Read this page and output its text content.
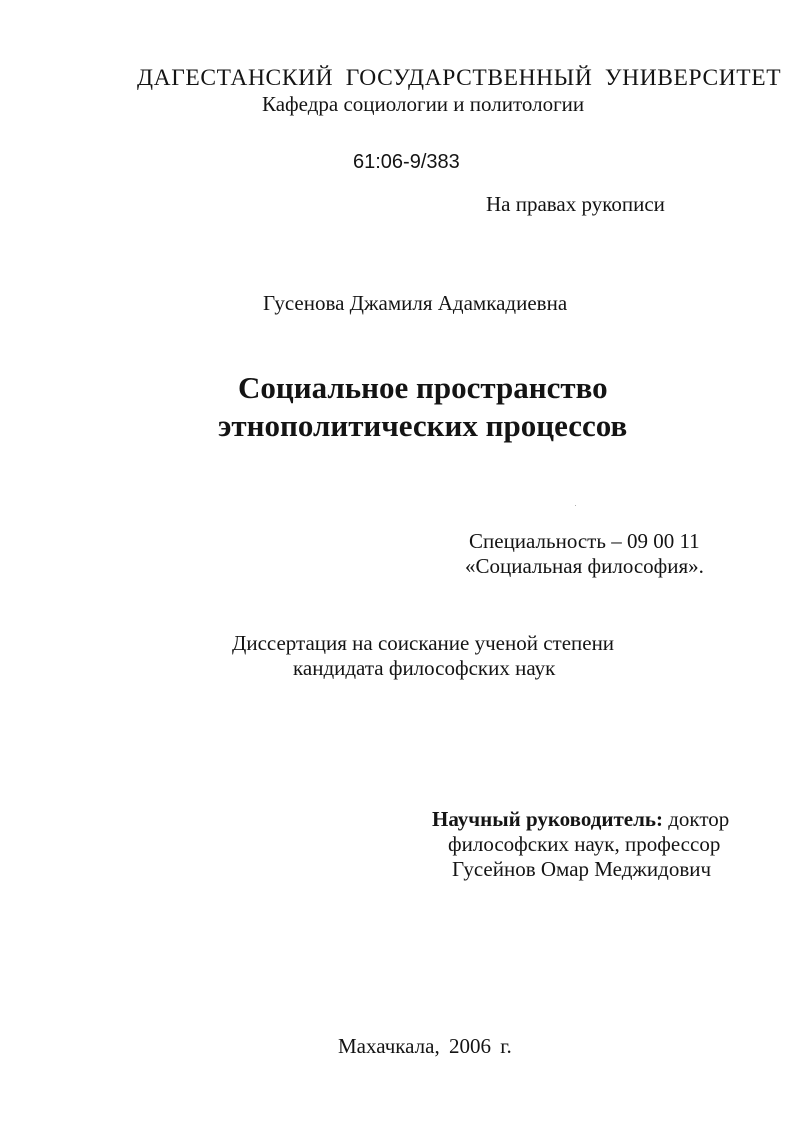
ДАГЕСТАНСКИЙ ГОСУДАРСТВЕННЫЙ УНИВЕРСИТЕТ
Кафедра социологии и политологии
61:06-9/383
На правах рукописи
Гусенова Джамиля Адамкадиевна
Социальное пространство
этнополитических процессов
Специальность – 09 00 11
«Социальная философия».
Диссертация на соискание ученой степени
кандидата философских наук
Научный руководитель: доктор
философских наук, профессор
Гусейнов Омар Меджидович
Махачкала, 2006 г.
